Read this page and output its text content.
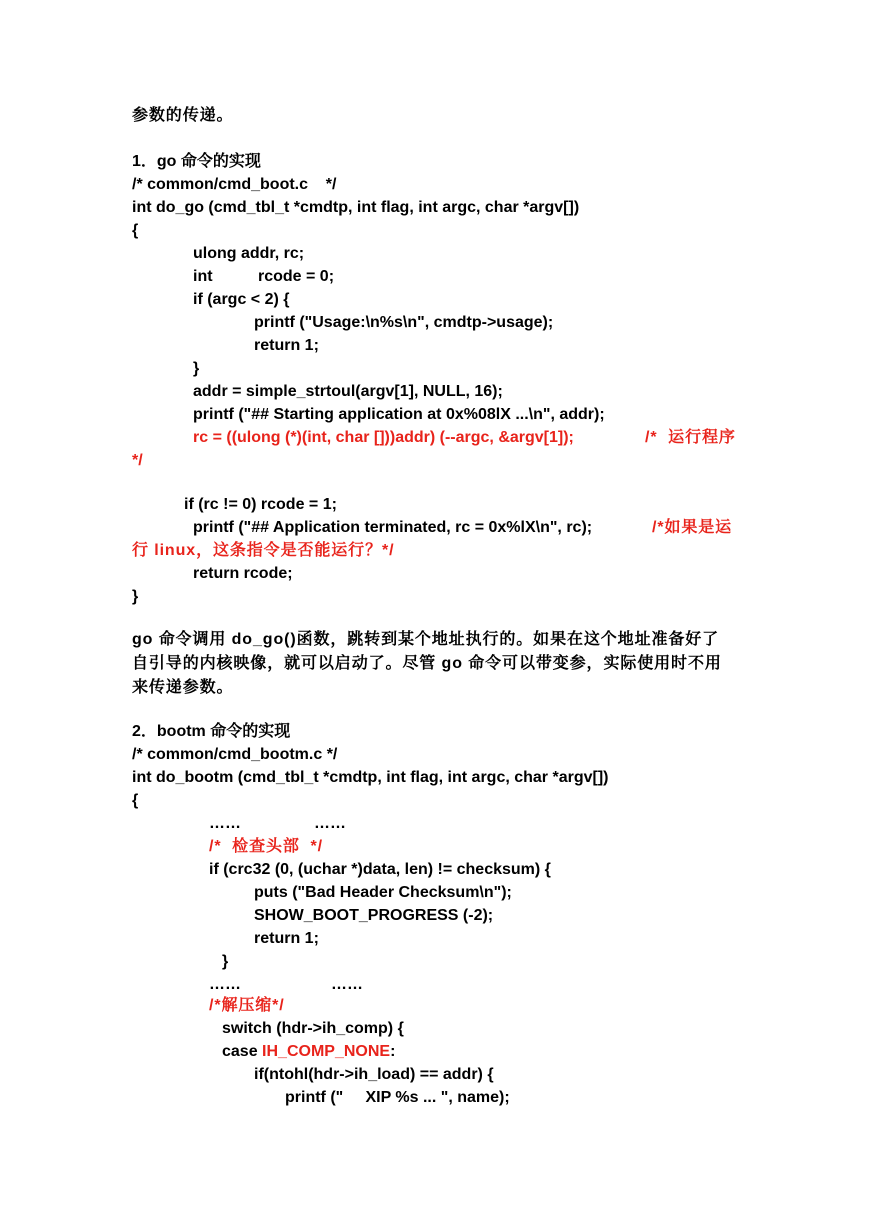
参数的传递。
1．go 命令的实现
/* common/cmd_boot.c    */
int do_go (cmd_tbl_t *cmdtp, int flag, int argc, char *argv[])
{
ulong addr, rc;
int	rcode = 0;
if (argc < 2) {
printf ("Usage:\n%s\n", cmdtp->usage);
return 1;
}
addr = simple_strtoul(argv[1], NULL, 16);
printf ("## Starting application at 0x%08lX ...\n", addr);
rc = ((ulong (*)(int, char []))addr) (--argc, &argv[1]);	/*  运行程序
*/
if (rc != 0) rcode = 1;
printf ("## Application terminated, rc = 0x%lX\n", rc);	/*如果是运
行 linux，这条指令是否能运行？*/
return rcode;
}
go 命令调用 do_go()函数，跳转到某个地址执行的。如果在这个地址准备好了
自引导的内核映像，就可以启动了。尽管 go 命令可以带变参，实际使用时不用
来传递参数。
2．bootm 命令的实现
/* common/cmd_bootm.c */
int do_bootm (cmd_tbl_t *cmdtp, int flag, int argc, char *argv[])
{
……	……
/*  检查头部  */
if (crc32 (0, (uchar *)data, len) != checksum) {
puts ("Bad Header Checksum\n");
SHOW_BOOT_PROGRESS (-2);
return 1;
}
……	……
/*解压缩*/
switch (hdr->ih_comp) {
case IH_COMP_NONE:
if(ntohl(hdr->ih_load) == addr) {
printf ("     XIP %s ... ", name);
